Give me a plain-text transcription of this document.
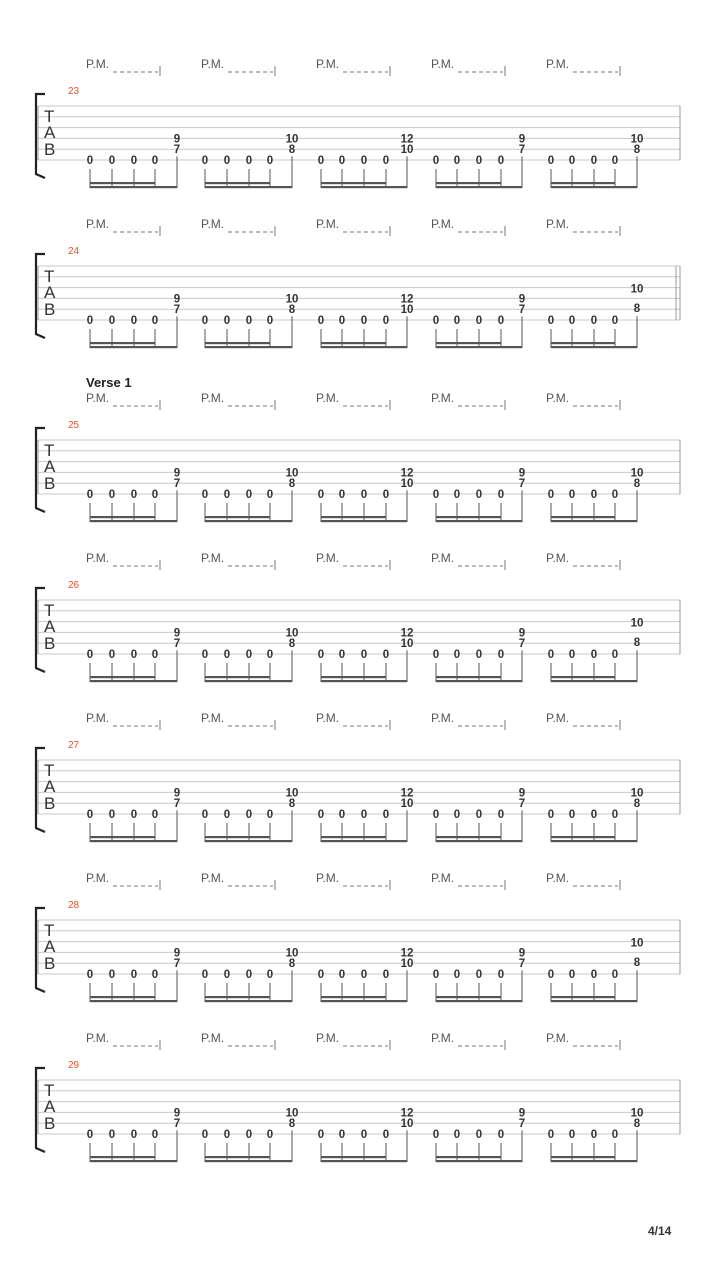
P.M.	P.M.	P.M.	P.M.	P.M.
23
T
A
B
0 0 0 0
9
7
0 0 0 0
10
8
0 0 0 0
12
10
0 0 0 0
9
7
0 0 0 0
10
8
P.M.	P.M.	P.M.	P.M.	P.M.
24
T
A
B
0 0 0 0
9
7
0 0 0 0
10
8
0 0 0 0
12
10
0 0 0 0
9
7
0 0 0 0
10
8
P.M.	P.M.	P.M.	P.M.	P.M.
Verse 1
25
T
A
B
0 0 0 0
9
7
0 0 0 0
10
8
0 0 0 0
12
10
0 0 0 0
9
7
0 0 0 0
10
8
P.M.	P.M.	P.M.	P.M.	P.M.
26
T
A
B
0 0 0 0
9
7
0 0 0 0
10
8
0 0 0 0
12
10
0 0 0 0
9
7
0 0 0 0
10
8
P.M.	P.M.	P.M.	P.M.	P.M.
27
T
A
B
0 0 0 0
9
7
0 0 0 0
10
8
0 0 0 0
12
10
0 0 0 0
9
7
0 0 0 0
10
8
P.M.	P.M.	P.M.	P.M.	P.M.
28
T
A
B
0 0 0 0
9
7
0 0 0 0
10
8
0 0 0 0
12
10
0 0 0 0
9
7
0 0 0 0
10
8
P.M.	P.M.	P.M.	P.M.	P.M.
29
T
A
B
0 0 0 0
9
7
0 0 0 0
10
8
0 0 0 0
12
10
0 0 0 0
9
7
0 0 0 0
10
8
4/14
